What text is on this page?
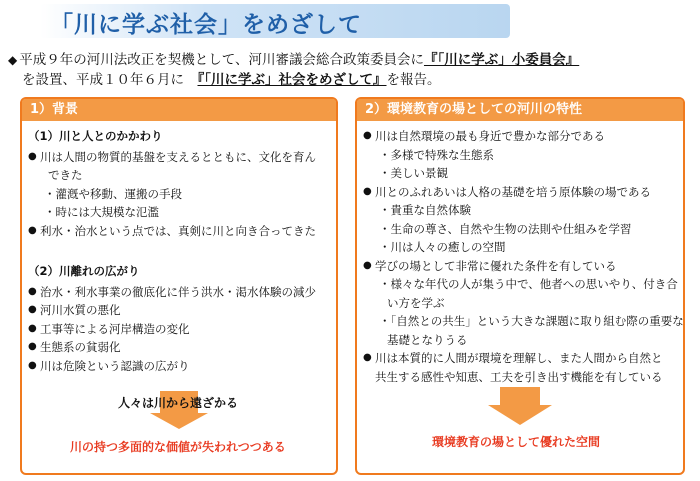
「川に学ぶ社会」をめざして
◆ 平成９年の河川法改正を契機として、河川審議会総合政策委員会に『「川に学ぶ」小委員会』
を設置、平成１０年６月に　『「川に学ぶ」社会をめざして』を報告。
1）背景
（1）川と人とのかかわり
● 川は人間の物質的基盤を支えるとともに、文化を育ん
できた
・灌漑や移動、運搬の手段
・時には大規模な氾濫
● 利水・治水という点では、真剣に川と向き合ってきた
（2）川離れの広がり
● 治水・利水事業の徹底化に伴う洪水・渇水体験の減少
● 河川水質の悪化
● 工事等による河岸構造の変化
● 生態系の貧弱化
● 川は危険という認識の広がり
人々は川から遠ざかる
川の持つ多面的な価値が失われつつある
2）環境教育の場としての河川の特性
● 川は自然環境の最も身近で豊かな部分である
・多様で特殊な生態系
・美しい景観
● 川とのふれあいは人格の基礎を培う原体験の場である
・貴重な自然体験
・生命の尊さ、自然や生物の法則や仕組みを学習
・川は人々の癒しの空間
● 学びの場として非常に優れた条件を有している
・様々な年代の人が集う中で、他者への思いやり、付き合
い方を学ぶ
・「自然との共生」という大きな課題に取り組む際の重要な
基礎となりうる
● 川は本質的に人間が環境を理解し、また人間から自然と
共生する感性や知恵、工夫を引き出す機能を有している
環境教育の場として優れた空間
